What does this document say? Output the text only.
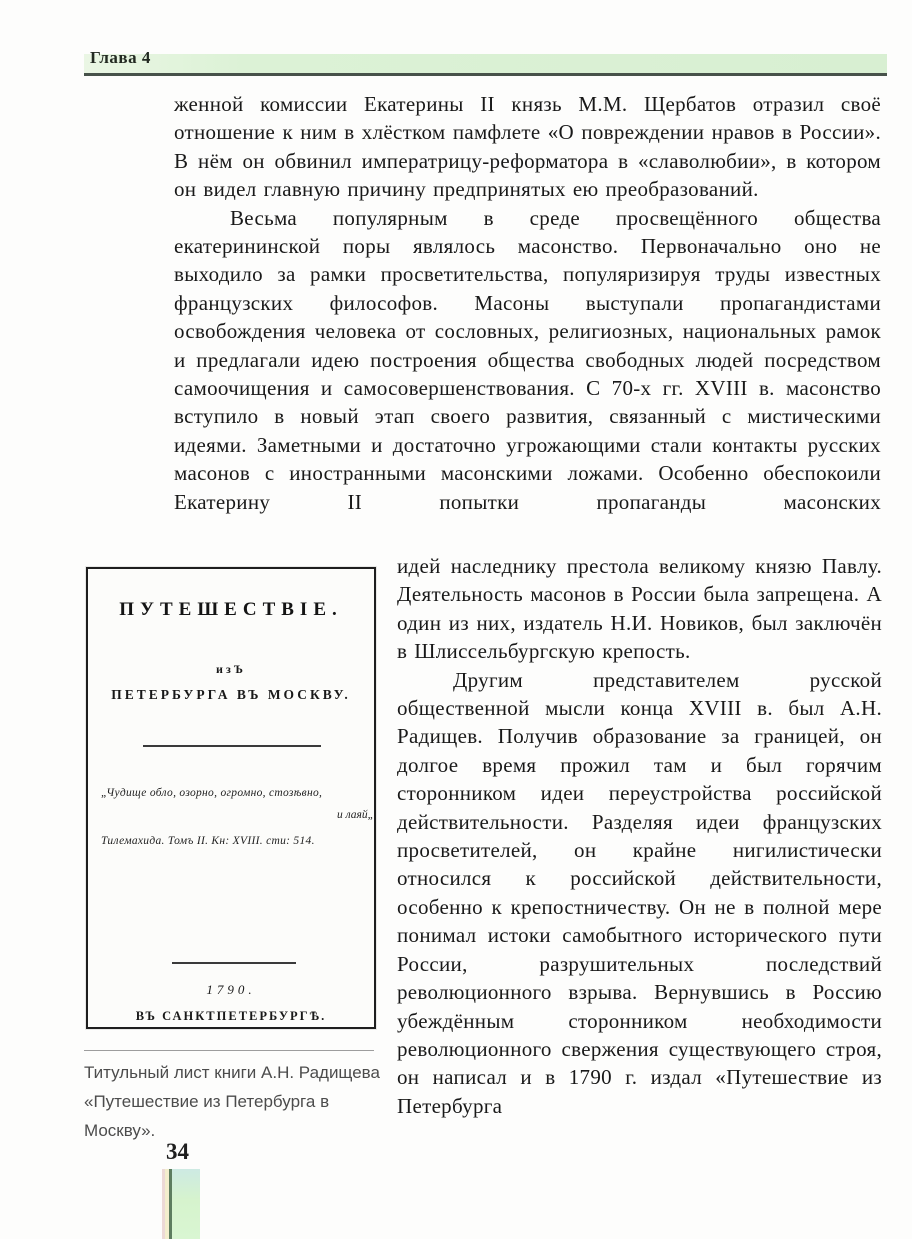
Глава 4

женной комиссии Екатерины II князь М.М. Щербатов отразил своё отношение к ним в хлёстком памфлете «О повреждении нравов в России». В нём он обвинил императрицу-реформатора в «славолюбии», в котором он видел главную причину предпринятых ею преобразований.

Весьма популярным в среде просвещённого общества екатерининской поры являлось масонство. Первоначально оно не выходило за рамки просветительства, популяризируя труды известных французских философов. Масоны выступали пропагандистами освобождения человека от сословных, религиозных, национальных рамок и предлагали идею построения общества свободных людей посредством самоочищения и самосовершенствования. С 70-х гг. XVIII в. масонство вступило в новый этап своего развития, связанный с мистическими идеями. Заметными и достаточно угрожающими стали контакты русских масонов с иностранными масонскими ложами. Особенно обеспокоили Екатерину II попытки пропаганды масонских

ПУТЕШЕСТВІЕ.
изЪ
ПЕТЕРБУРГА ВЪ МОСКВУ.
„Чудище обло, озорно, огромно, стозѣвно,
и лаяй„
Тилемахида. Томъ II. Кн: XVIII. сти: 514.
1790.
ВЪ САНКТПЕТЕРБУРГѢ.

идей наследнику престола великому князю Павлу. Деятельность масонов в России была запрещена. А один из них, издатель Н.И. Новиков, был заключён в Шлиссельбургскую крепость.

Другим представителем русской общественной мысли конца XVIII в. был А.Н. Радищев. Получив образование за границей, он долгое время прожил там и был горячим сторонником идеи переустройства российской действительности. Разделяя идеи французских просветителей, он крайне нигилистически относился к российской действительности, особенно к крепостничеству. Он не в полной мере понимал истоки самобытного исторического пути России, разрушительных последствий революционного взрыва. Вернувшись в Россию убеждённым сторонником необходимости революционного свержения существующего строя, он написал и в 1790 г. издал «Путешествие из Петербурга

Титульный лист книги А.Н. Радищева «Путешествие из Петербурга в Москву».
34
